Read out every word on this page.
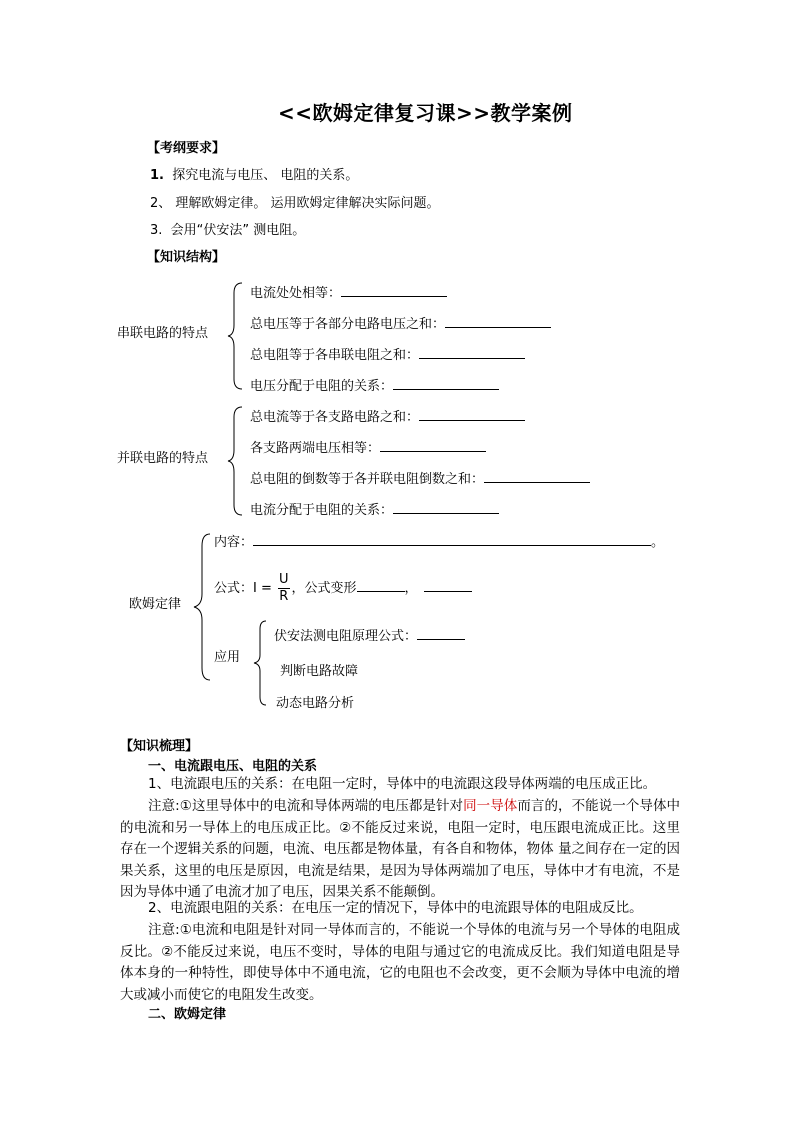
<<欧姆定律复习课>>教学案例
【考纲要求】
1. 探究电流与电压、 电阻的关系。
2、 理解欧姆定律。 运用欧姆定律解决实际问题。
3. 会用“伏安法” 测电阻。
【知识结构】
串联电路的特点
电流处处相等：
总电压等于各部分电路电压之和：
总电阻等于各串联电阻之和：
电压分配于电阻的关系：
并联电路的特点
总电流等于各支路电路之和：
各支路两端电压相等：
总电阻的倒数等于各并联电阻倒数之和：
电流分配于电阻的关系：
欧姆定律
内容：	。
公式：$I = \frac{U}{R}$ ，公式变形	，
应用
伏安法测电阻原理公式：
判断电路故障
动态电路分析
【知识梳理】
一、电流跟电压、电阻的关系
1、电流跟电压的关系：在电阻一定时，导体中的电流跟这段导体两端的电压成正比。
注意:①这里导体中的电流和导体两端的电压都是针对同一导体而言的，不能说一个导体中的电流和另一导体上的电压成正比。②不能反过来说，电阻一定时，电压跟电流成正比。这里存在一个逻辑关系的问题，电流、电压都是物体量，有各自和物体，物体 量之间存在一定的因果关系，这里的电压是原因，电流是结果，是因为导体两端加了电压，导体中才有电流，不是因为导体中通了电流才加了电压，因果关系不能颠倒。
2、电流跟电阻的关系：在电压一定的情况下，导体中的电流跟导体的电阻成反比。
注意:①电流和电阻是针对同一导体而言的，不能说一个导体的电流与另一个导体的电阻成反比。②不能反过来说，电压不变时，导体的电阻与通过它的电流成反比。我们知道电阻是导体本身的一种特性，即使导体中不通电流，它的电阻也不会改变，更不会顺为导体中电流的增大或减小而使它的电阻发生改变。
二、欧姆定律
